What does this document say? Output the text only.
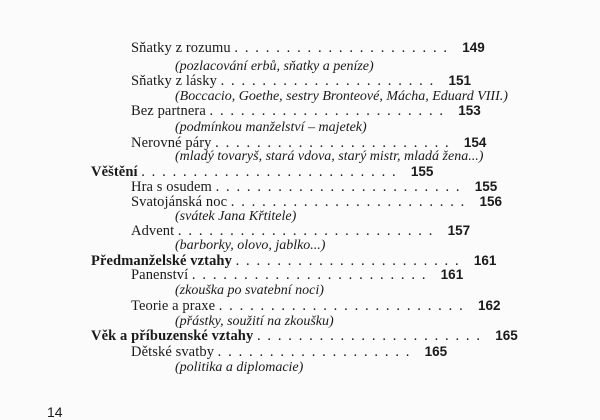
Sňatky z rozumu . . . . . . . . . . . . . . . . . . . . . 149
(pozlacování erbů, sňatky a peníze)
Sňatky z lásky . . . . . . . . . . . . . . . . . . . . . 151
(Boccacio, Goethe, sestry Bronteové, Mácha, Eduard VIII.)
Bez partnera . . . . . . . . . . . . . . . . . . . . . . . 153
(podmínkou manželství – majetek)
Nerovné páry . . . . . . . . . . . . . . . . . . . . . . . 154
(mladý tovaryš, stará vdova, starý mistr, mladá žena...)
Věštění . . . . . . . . . . . . . . . . . . . . . . . . . 155
Hra s osudem . . . . . . . . . . . . . . . . . . . . . . . . 155
Svatojánská noc . . . . . . . . . . . . . . . . . . . . . . . 156
(svátek Jana Křtitele)
Advent . . . . . . . . . . . . . . . . . . . . . . . . . 157
(barborky, olovo, jablko...)
Předmanželské vztahy . . . . . . . . . . . . . . . . . . . . . . 161
Panenství . . . . . . . . . . . . . . . . . . . . . . . 161
(zkouška po svatební noci)
Teorie a praxe . . . . . . . . . . . . . . . . . . . . . . . . 162
(přástky, soužití na zkoušku)
Věk a příbuzenské vztahy . . . . . . . . . . . . . . . . . . . . . . 165
Dětské svatby . . . . . . . . . . . . . . . . . . . 165
(politika a diplomacie)
14
